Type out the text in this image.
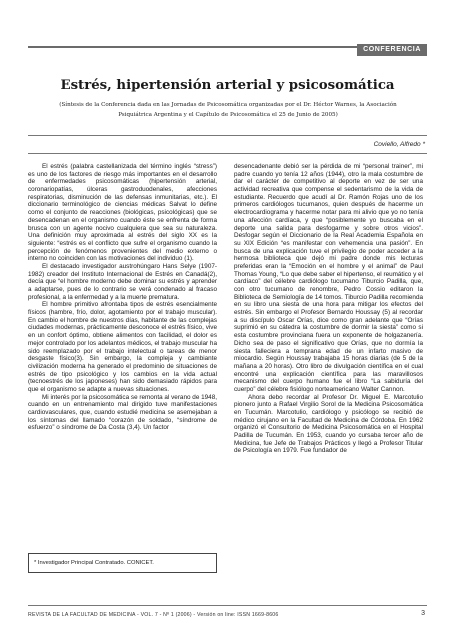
CONFERENCIA
Estrés, hipertensión arterial y psicosomática
(Síntesis de la Conferencia dada en las Jornadas de Psicosomática organizadas por el Dr. Héctor Warnes, la Asociación Psiquiátrica Argentina y el Capítulo de Psicosomática el 25 de Junio de 2005)
Coviello, Alfredo *

El estrés (palabra castellanizada del término inglés “stress”) es uno de los factores de riesgo más importantes en el desarrollo de enfermedades psicosomáticas (hipertensión arterial, coronariopatías, úlceras gastroduodenales, afecciones respiratorias, disminución de las defensas inmunitarias, etc.). El diccionario terminológico de ciencias médicas Salvat lo define como el conjunto de reacciones (biológicas, psicológicas) que se desencadenan en el organismo cuando éste se enfrenta de forma brusca con un agente nocivo cualquiera que sea su naturaleza. Una definición muy aproximada al estrés del siglo XX es la siguiente: “estrés es el conflicto que sufre el organismo cuando la percepción de fenómenos provenientes del medio externo o interno no coinciden con las motivaciones del individuo (1).

El destacado investigador austrohúngaro Hans Selye (1907-1982) creador del Instituto Internacional de Estrés en Canadá(2), decía que “el hombre moderno debe dominar su estrés y aprender a adaptarse, pues de lo contrario se verá condenado al fracaso profesional, a la enfermedad y a la muerte prematura.

El hombre primitivo afrontaba tipos de estrés esencialmente físicos (hambre, frío, dolor, agotamiento por el trabajo muscular). En cambio el hombre de nuestros días, habitante de las complejas ciudades modernas, prácticamente desconoce el estrés físico, vive en un confort óptimo, obtiene alimentos con facilidad, el dolor es mejor controlado por los adelantos médicos, el trabajo muscular ha sido reemplazado por el trabajo intelectual o tareas de menor desgaste físico(3). Sin embargo, la compleja y cambiante civilización moderna ha generado el predominio de situaciones de estrés de tipo psicológico y los cambios en la vida actual (tecnoestrés de los japoneses) han sido demasiado rápidos para que el organismo se adapte a nuevas situaciones.

Mi interés por la psicosomática se remonta al verano de 1948, cuando en un entrenamiento mal dirigido tuve manifestaciones cardiovasculares, que, cuando estudié medicina se asemejaban a los síntomas del llamado “corazón de soldado, “síndrome de esfuerzo” o síndrome de Da Costa (3,4). Un factor

desencadenante debió ser la pérdida de mi “personal trainer”, mi padre cuando yo tenía 12 años (1944), otro la mala costumbre de dar el carácter de competitivo al deporte en vez de ser una actividad recreativa que compense el sedentarismo de la vida de estudiante. Recuerdo que acudí al Dr. Ramón Rojas uno de los primeros cardiólogos tucumanos, quien después de hacerme un electrocardiograma y hacerme notar para mi alivio que yo no tenía una afección cardíaca, y que “posiblemente yo buscaba en el deporte una salida para desfogarme y sobre otros vicios”. Desfogar según el Diccionario de la Real Academia Española en su XIX Edición “es manifestar con vehemencia una pasión”. En busca de una explicación tuve el privilegio de poder acceder a la hermosa biblioteca que dejó mi padre donde mis lecturas preferidas eran la “Emoción en el hombre y el animal” de Paul Thomas Young, “Lo que debe saber el hipertenso, el reumático y el cardíaco” del célebre cardiólogo tucumano Tiburcio Padilla, que, con otro tucumano de renombre, Pedro Cossio editaron la Biblioteca de Semiología de 14 tomos. Tiburcio Padilla recomienda en su libro una siesta de una hora para mitigar los efectos del estrés. Sin embargo el Profesor Bernardo Houssay (5) al recordar a su discípulo Oscar Orías, dice como gran adelante que “Orías suprimió en su cátedra la costumbre de dormir la siesta” como si esta costumbre provinciana fuera un exponente de holgazanería. Dicho sea de paso el significativo que Orías, que no dormía la siesta falleciera a temprana edad de un infarto masivo de miocardio. Según Houssay trabajaba 15 horas diarias (de 5 de la mañana a 20 horas). Otro libro de divulgación científica en el cual encontré una explicación científica para las maravillosos mecanismo del cuerpo humano fue el libro “La sabiduría del cuerpo” del célebre fisiólogo norteamericano Walter Cannon.

Ahora debo recordar al Profesor Dr. Miguel E. Marcotulio pionero junto a Rafael Virgilio Sorol de la Medicina Psicosomática en Tucumán. Marcotulio, cardiólogo y psicólogo se recibió de médico cirujano en la Facultad de Medicina de Córdoba. En 1962 organizó el Consultorio de Medicina Psicosomática en el Hospital Padilla de Tucumán. En 1953, cuando yo cursaba tercer año de Medicina, fue Jefe de Trabajos Prácticos y llegó a Profesor Titular de Psicología en 1979. Fue fundador de

* Investigador Principal Contratado. CONICET.
REVISTA DE LA FACULTAD DE MEDICINA - VOL. 7 - Nº 1 (2006) - Versión on line: ISSN 1669-8606	3
